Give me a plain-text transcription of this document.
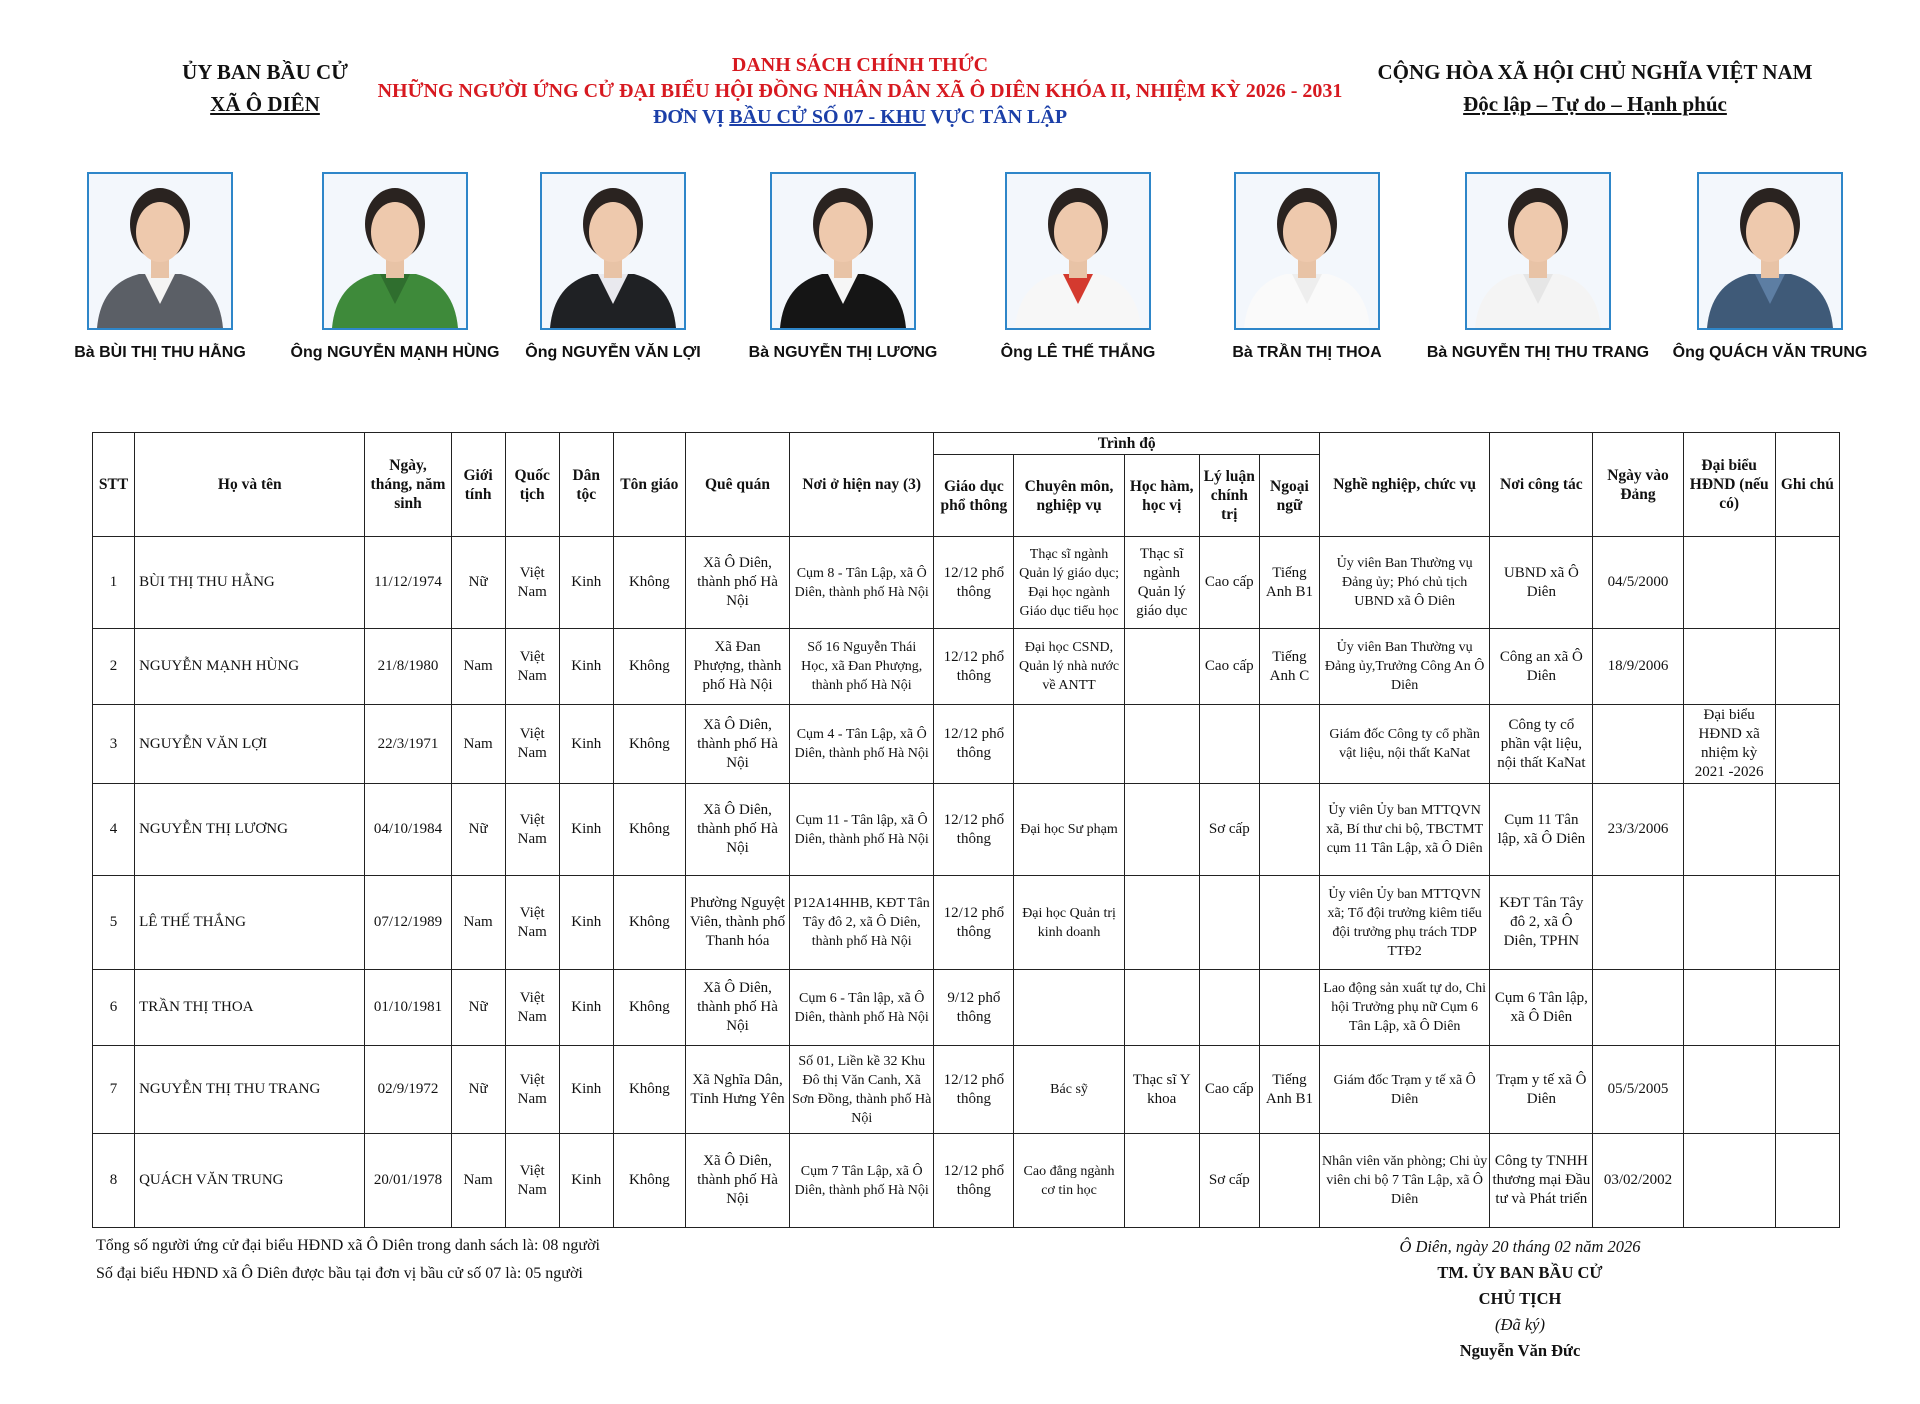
ỦY BAN BẦU CỬ
XÃ Ô DIÊN
DANH SÁCH CHÍNH THỨC
NHỮNG NGƯỜI ỨNG CỬ ĐẠI BIỂU HỘI ĐỒNG NHÂN DÂN XÃ Ô DIÊN KHÓA II, NHIỆM KỲ 2026 - 2031
ĐƠN VỊ BẦU CỬ SỐ 07 - KHU VỰC TÂN LẬP
CỘNG HÒA XÃ HỘI CHỦ NGHĨA VIỆT NAM
Độc lập – Tự do – Hạnh phúc
Bà BÙI THỊ THU HẰNG	Ông NGUYỄN MẠNH HÙNG	Ông NGUYỄN VĂN LỢI	Bà NGUYỄN THỊ LƯƠNG	Ông LÊ THẾ THẮNG	Bà TRẦN THỊ THOA	Bà NGUYỄN THỊ THU TRANG	Ông QUÁCH VĂN TRUNG
STT	Họ và tên	Ngày, tháng, năm sinh	Giới tính	Quốc tịch	Dân tộc	Tôn giáo	Quê quán	Nơi ở hiện nay (3)	Trình độ					Nghề nghiệp, chức vụ	Nơi công tác	Ngày vào Đảng	Đại biểu HĐND (nếu có)	Ghi chú
									Giáo dục phổ thông	Chuyên môn, nghiệp vụ	Học hàm, học vị	Lý luận chính trị	Ngoại ngữ					
1	BÙI THỊ THU HẰNG	11/12/1974	Nữ	Việt Nam	Kinh	Không	Xã Ô Diên, thành phố Hà Nội	Cụm 8 - Tân Lập, xã Ô Diên, thành phố Hà Nội	12/12 phổ thông	Thạc sĩ ngành Quản lý giáo dục; Đại học ngành Giáo dục tiểu học	Thạc sĩ ngành Quản lý giáo dục	Cao cấp	Tiếng Anh B1	Ủy viên Ban Thường vụ Đảng ủy; Phó chủ tịch UBND xã Ô Diên	UBND xã Ô Diên	04/5/2000		
2	NGUYỄN MẠNH HÙNG	21/8/1980	Nam	Việt Nam	Kinh	Không	Xã Đan Phượng, thành phố Hà Nội	Số 16 Nguyễn Thái Học, xã Đan Phượng, thành phố Hà Nội	12/12 phổ thông	Đại học CSND, Quản lý nhà nước về ANTT		Cao cấp	Tiếng Anh C	Ủy viên Ban Thường vụ Đảng ủy,Trưởng Công An Ô Diên	Công an xã Ô Diên	18/9/2006		
3	NGUYỄN VĂN LỢI	22/3/1971	Nam	Việt Nam	Kinh	Không	Xã Ô Diên, thành phố Hà Nội	Cụm 4 - Tân Lập, xã Ô Diên, thành phố Hà Nội	12/12 phổ thông					Giám đốc Công ty cổ phần vật liệu, nội thất KaNat	Công ty cổ phần vật liệu, nội thất KaNat		Đại biểu HĐND xã nhiệm kỳ 2021 -2026	
4	NGUYỄN THỊ LƯƠNG	04/10/1984	Nữ	Việt Nam	Kinh	Không	Xã Ô Diên, thành phố Hà Nội	Cụm 11 - Tân lập, xã Ô Diên, thành phố Hà Nội	12/12 phổ thông	Đại học Sư phạm		Sơ cấp		Ủy viên Ủy ban MTTQVN xã, Bí thư chi bộ, TBCTMT cụm 11 Tân Lập, xã Ô Diên	Cụm 11 Tân lập, xã Ô Diên	23/3/2006		
5	LÊ THẾ THẮNG	07/12/1989	Nam	Việt Nam	Kinh	Không	Phường Nguyệt Viên, thành phố Thanh hóa	P12A14HHB, KĐT Tân Tây đô 2, xã Ô Diên, thành phố Hà Nội	12/12 phổ thông	Đại học Quản trị kinh doanh				Ủy viên Ủy ban MTTQVN xã; Tổ đội trưởng kiêm tiểu đội trưởng phụ trách TDP TTĐ2	KĐT Tân Tây đô 2, xã Ô Diên, TPHN			
6	TRẦN THỊ THOA	01/10/1981	Nữ	Việt Nam	Kinh	Không	Xã Ô Diên, thành phố Hà Nội	Cụm 6 - Tân lập, xã Ô Diên, thành phố Hà Nội	9/12 phổ thông					Lao động sản xuất tự do, Chi hội Trưởng phụ nữ Cụm 6 Tân Lập, xã Ô Diên	Cụm 6 Tân lập, xã Ô Diên			
7	NGUYỄN THỊ THU TRANG	02/9/1972	Nữ	Việt Nam	Kinh	Không	Xã Nghĩa Dân, Tỉnh Hưng Yên	Số 01, Liền kề 32 Khu Đô thị Văn Canh, Xã Sơn Đồng, thành phố Hà Nội	12/12 phổ thông	Bác sỹ	Thạc sĩ Y khoa	Cao cấp	Tiếng Anh B1	Giám đốc Trạm y tế xã Ô Diên	Trạm y tế xã Ô Diên	05/5/2005		
8	QUÁCH VĂN TRUNG	20/01/1978	Nam	Việt Nam	Kinh	Không	Xã Ô Diên, thành phố Hà Nội	Cụm 7 Tân Lập, xã Ô Diên, thành phố Hà Nội	12/12 phổ thông	Cao đẳng ngành cơ tin học		Sơ cấp		Nhân viên văn phòng; Chi ủy viên chi bộ 7 Tân Lập, xã Ô Diên	Công ty TNHH thương mại Đầu tư và Phát triển	03/02/2002		
Tổng số người ứng cử đại biểu HĐND xã Ô Diên trong danh sách là: 08 người
Số đại biểu HĐND xã Ô Diên được bầu tại đơn vị bầu cử số 07 là: 05 người
Ô Diên, ngày 20 tháng 02 năm 2026
TM. ỦY BAN BẦU CỬ
CHỦ TỊCH
(Đã ký)
Nguyễn Văn Đức
